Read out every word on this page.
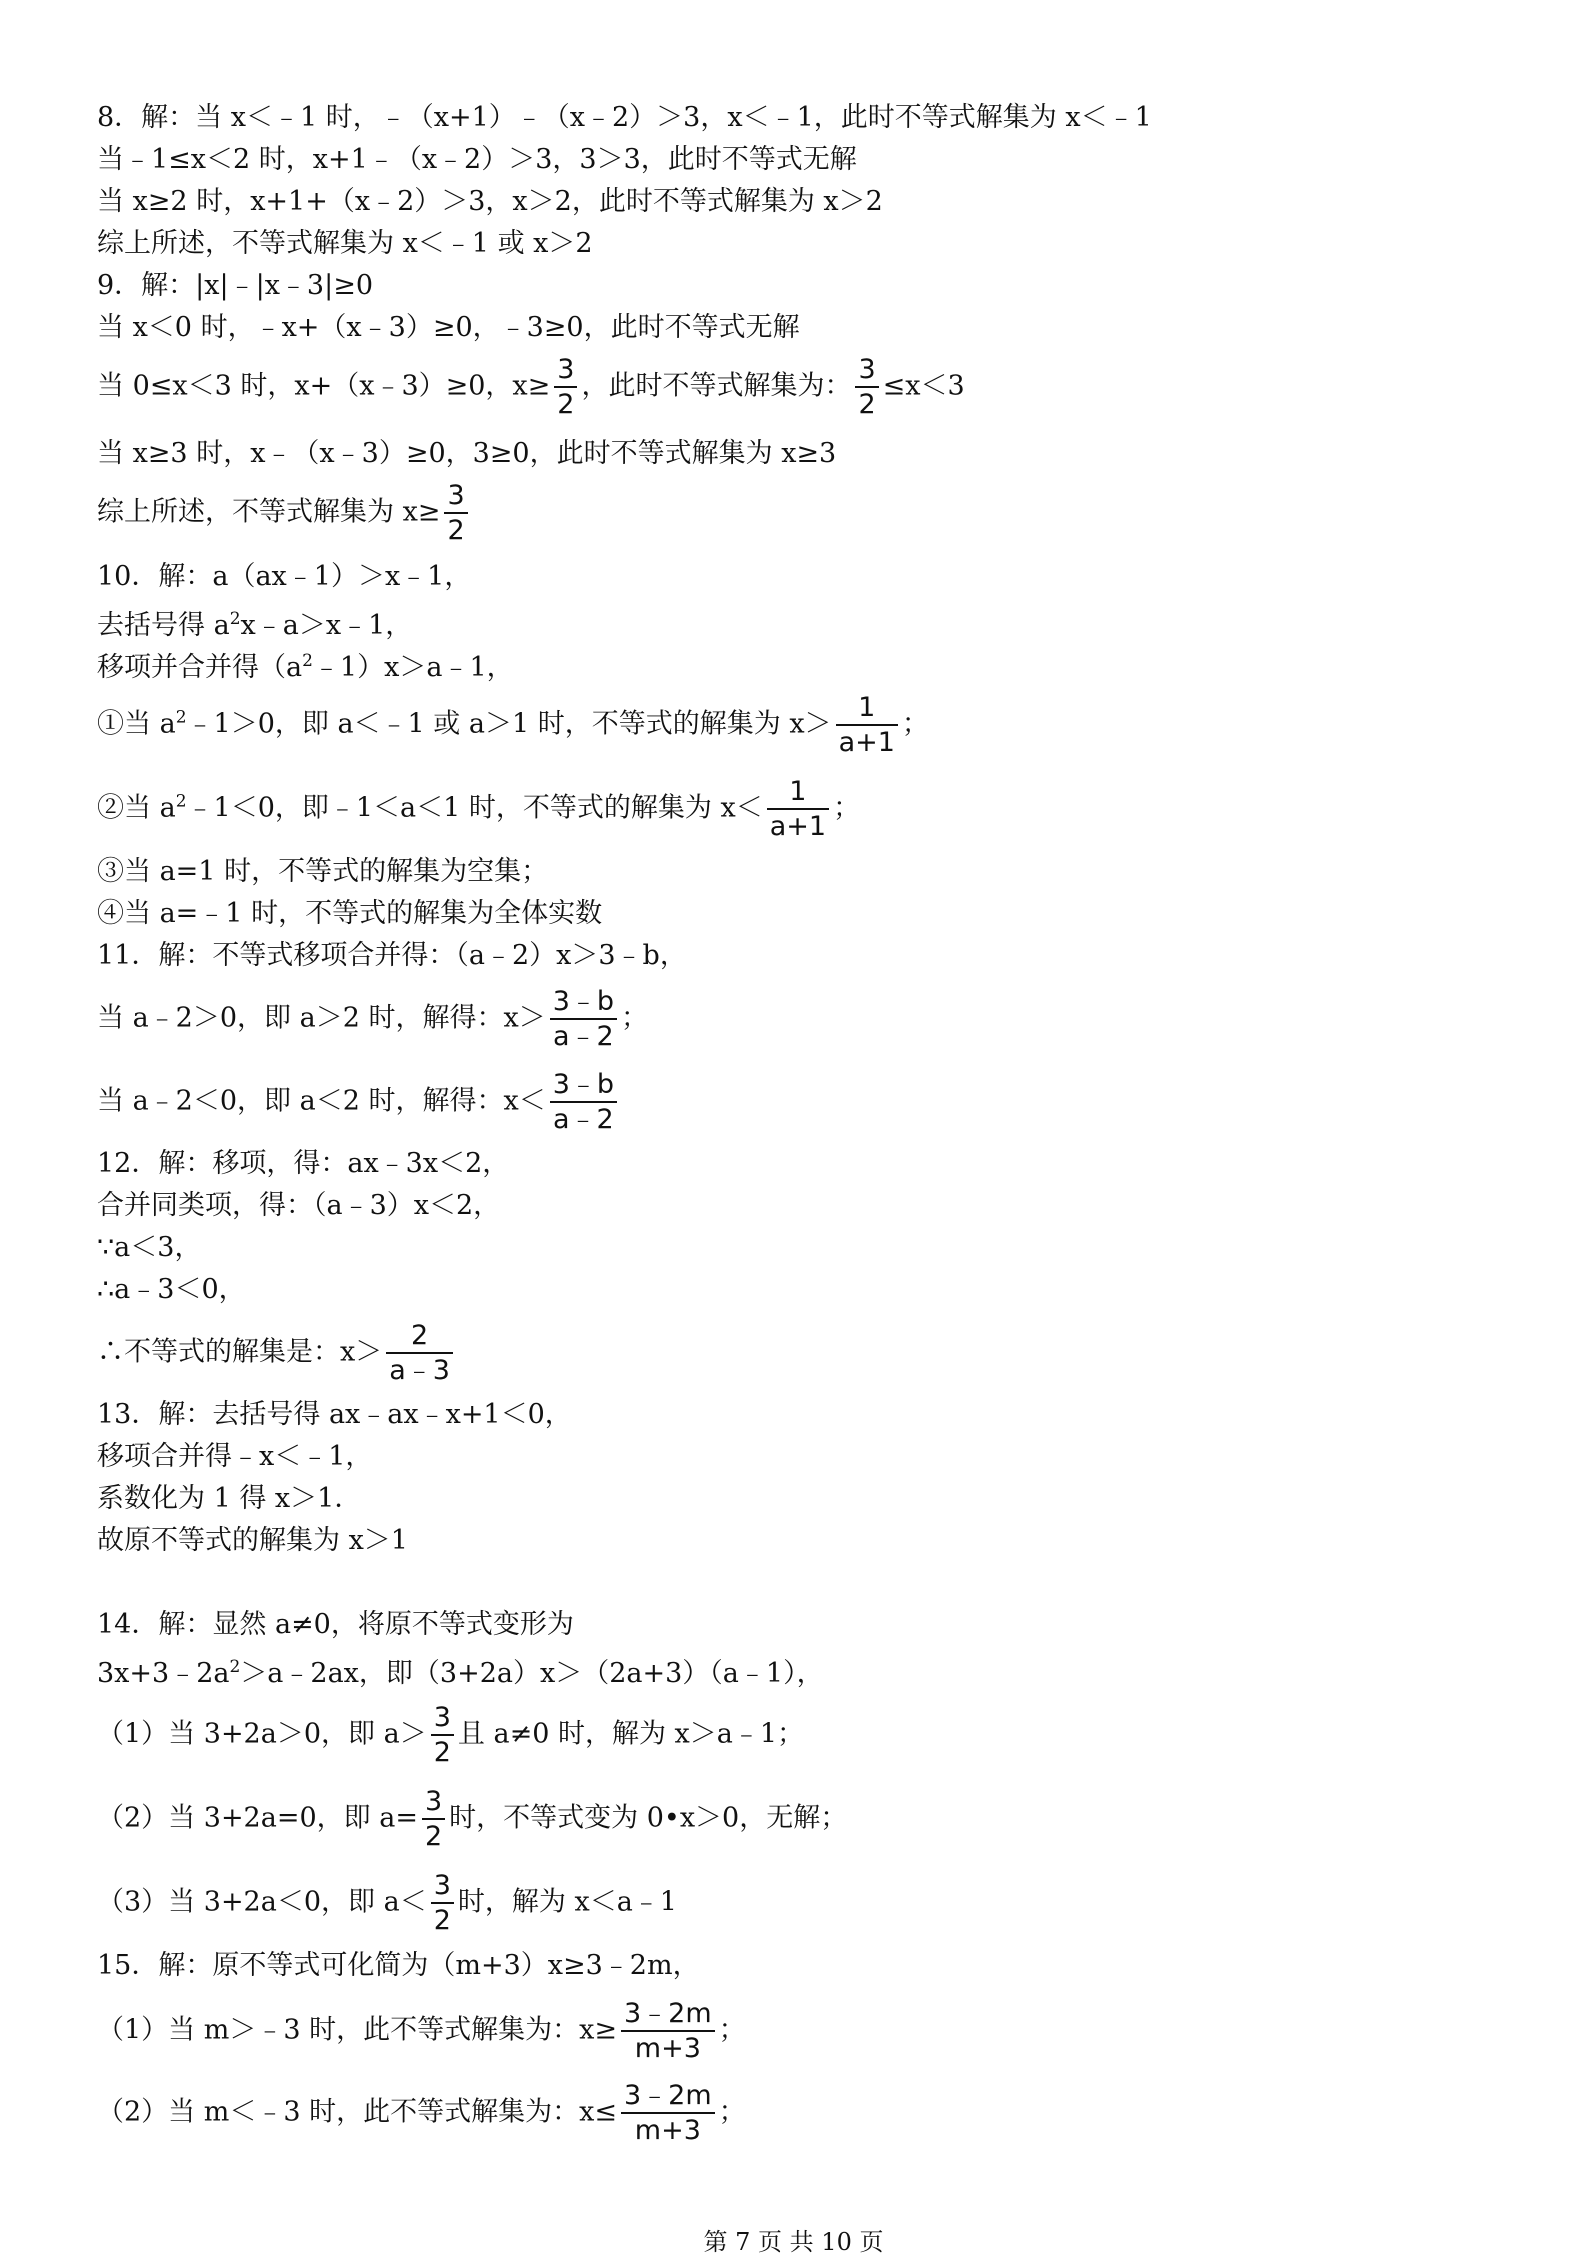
8．解：当 x＜﹣1 时，﹣（x+1）﹣（x﹣2）＞3，x＜﹣1，此时不等式解集为 x＜﹣1
当﹣1≤x＜2 时，x+1﹣（x﹣2）＞3，3＞3，此时不等式无解
当 x≥2 时，x+1+（x﹣2）＞3，x＞2，此时不等式解集为 x＞2
综上所述，不等式解集为 x＜﹣1 或 x＞2
9．解：|x|﹣|x﹣3|≥0
当 x＜0 时，﹣x+（x﹣3）≥0，﹣3≥0，此时不等式无解
当 0≤x＜3 时，x+（x﹣3）≥0，$x\ge \frac{3}{2}$ ，此时不等式解集为： $\frac{3}{2} \le x<3$
当 x≥3 时，x﹣（x﹣3）≥0，3≥0，此时不等式解集为 x≥3
综上所述，不等式解集为 $x\ge \frac{3}{2}$
10．解：a（ax﹣1）＞x﹣1，
去括号得 $a^2x﹣a>x﹣1$，
移项并合并得$(a^2﹣1)x>a﹣1$，
①当 $a^2﹣1>0$，即 a＜﹣1 或 a＞1 时，不等式的解集为 $x> \frac{1}{a+1}$ ；
②当 $a^2﹣1<0$，即﹣1＜a＜1 时，不等式的解集为 $x< \frac{1}{a+1}$ ；
③当 a=1 时，不等式的解集为空集；
④当 a=﹣1 时，不等式的解集为全体实数
11．解：不等式移项合并得：（a﹣2）x＞3﹣b，
当 a﹣2＞0，即 a＞2 时，解得：$x> \frac{3﹣b}{a﹣2}$ ；
当 a﹣2＜0，即 a＜2 时，解得：$x< \frac{3﹣b}{a﹣2}$
12．解：移项，得：ax﹣3x＜2，
合并同类项，得：（a﹣3）x＜2，
∵a＜3，
∴a﹣3＜0，
∴不等式的解集是：$x> \frac{2}{a﹣3}$
13．解：去括号得 ax﹣ax﹣x+1＜0，
移项合并得﹣x＜﹣1，
系数化为 1 得 x＞1．
故原不等式的解集为 x＞1
14．解：显然 a≠0，将原不等式变形为
$3x+3﹣2a^2>a﹣2ax$，即（3+2a）x＞（2a+3）（a﹣1），
（1）当 3+2a＞0，即 $a> \frac{3}{2}$ 且 a≠0 时，解为 x＞a﹣1；
（2）当 3+2a=0，即 $a= \frac{3}{2}$ 时，不等式变为 0•x＞0，无解；
（3）当 3+2a＜0，即 $a< \frac{3}{2}$ 时，解为 x＜a﹣1
15．解：原不等式可化简为（m+3）x≥3﹣2m，
（1）当 m＞﹣3 时，此不等式解集为：$x\ge \frac{3﹣2m}{m+3}$ ；
（2）当 m＜﹣3 时，此不等式解集为：$x\le \frac{3﹣2m}{m+3}$ ；
第 7 页 共 10 页
